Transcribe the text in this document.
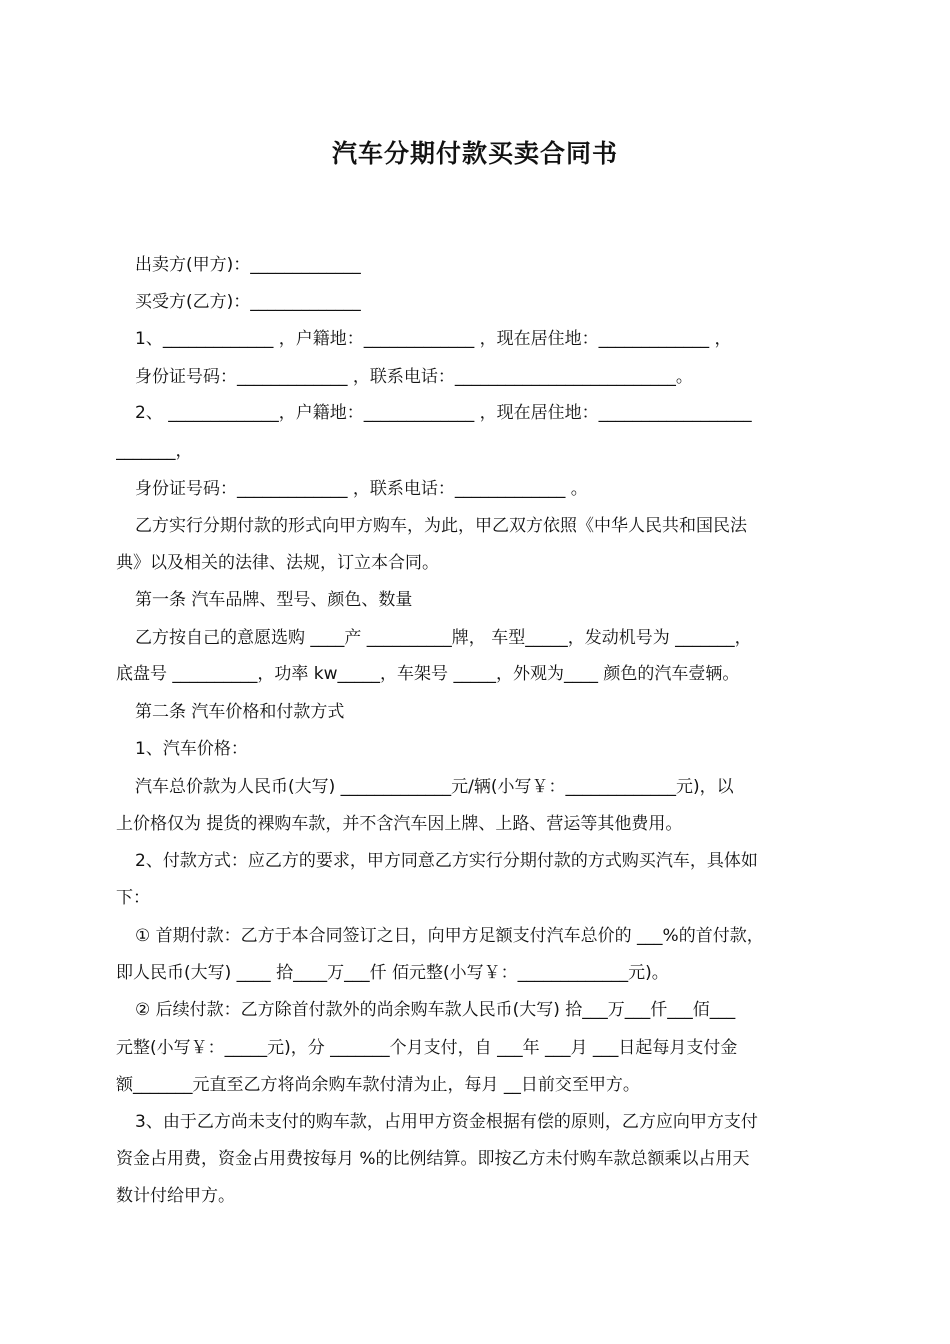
汽车分期付款买卖合同书
出卖方(甲方)：_____________
买受方(乙方)：_____________
1、_____________ ，户籍地：_____________ ，现在居住地：_____________ ，
身份证号码：_____________ ，联系电话：__________________________。
2、 _____________，户籍地：_____________ ，现在居住地：__________________
_______，
身份证号码：_____________ ，联系电话：_____________ 。
乙方实行分期付款的形式向甲方购车，为此，甲乙双方依照《中华人民共和国民法
典》以及相关的法律、法规，订立本合同。
第一条 汽车品牌、型号、颜色、数量
乙方按自己的意愿选购 ____产 __________牌， 车型_____，发动机号为 _______，
底盘号 __________，功率 kw_____，车架号 _____，外观为____ 颜色的汽车壹辆。
第二条 汽车价格和付款方式
1、汽车价格：
汽车总价款为人民币(大写) _____________元/辆(小写￥：_____________元)，以
上价格仅为 提货的裸购车款，并不含汽车因上牌、上路、营运等其他费用。
2、付款方式：应乙方的要求，甲方同意乙方实行分期付款的方式购买汽车，具体如
下：
① 首期付款：乙方于本合同签订之日，向甲方足额支付汽车总价的 ___%的首付款，
即人民币(大写) ____ 拾____万___仟 佰元整(小写￥：_____________元)。
② 后续付款：乙方除首付款外的尚余购车款人民币(大写) 拾___万___仟___佰___
元整(小写￥：_____元)，分 _______个月支付，自 ___年 ___月 ___日起每月支付金
额_______元直至乙方将尚余购车款付清为止，每月 __日前交至甲方。
3、由于乙方尚未支付的购车款，占用甲方资金根据有偿的原则，乙方应向甲方支付
资金占用费，资金占用费按每月 %的比例结算。即按乙方未付购车款总额乘以占用天
数计付给甲方。
